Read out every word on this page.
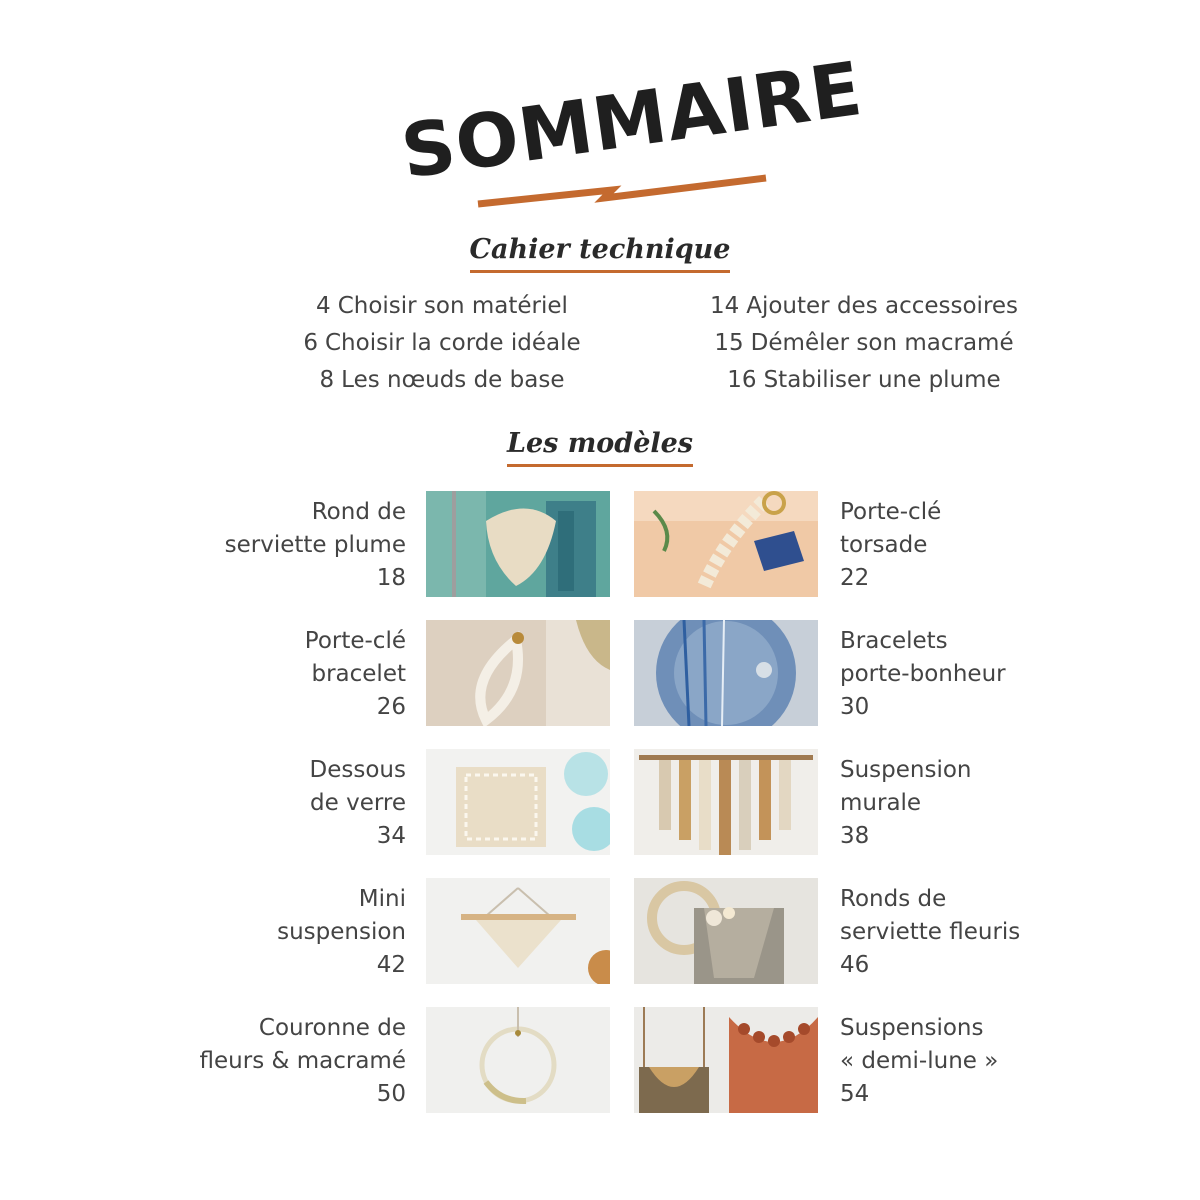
SOMMAIRE
Cahier technique
4 Choisir son matériel
6 Choisir la corde idéale
8 Les nœuds de base
14 Ajouter des accessoires
15 Démêler son macramé
16 Stabiliser une plume
Les modèles
Rond de
serviette plume
18
Porte-clé
torsade
22
Porte-clé
bracelet
26
Bracelets
porte-bonheur
30
Dessous
de verre
34
Suspension
murale
38
Mini
suspension
42
Ronds de
serviette fleuris
46
Couronne de
fleurs & macramé
50
Suspensions
« demi-lune »
54
